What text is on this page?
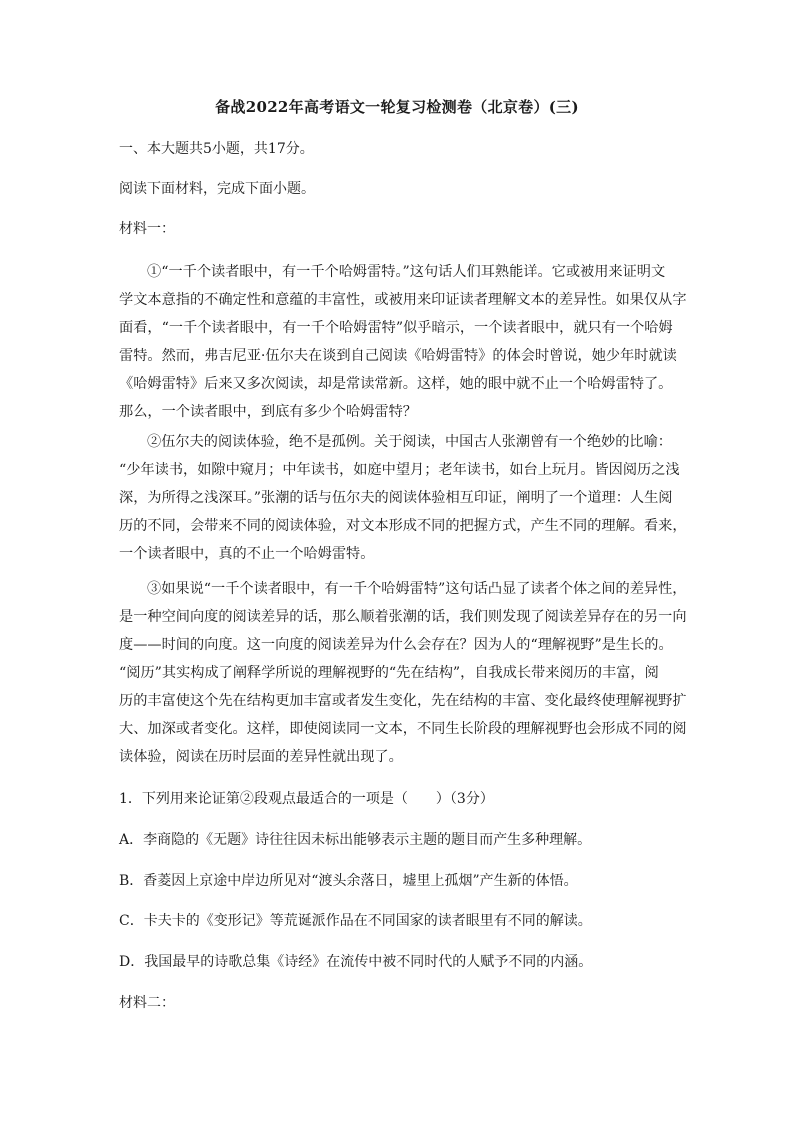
备战2022年高考语文一轮复习检测卷（北京卷）(三)
一、本大题共5小题，共17分。
阅读下面材料，完成下面小题。
材料一：
①“一千个读者眼中，有一千个哈姆雷特。”这句话人们耳熟能详。它或被用来证明文
学文本意指的不确定性和意蕴的丰富性，或被用来印证读者理解文本的差异性。如果仅从字
面看，“一千个读者眼中，有一千个哈姆雷特”似乎暗示，一个读者眼中，就只有一个哈姆
雷特。然而，弗吉尼亚·伍尔夫在谈到自己阅读《哈姆雷特》的体会时曾说，她少年时就读
《哈姆雷特》后来又多次阅读，却是常读常新。这样，她的眼中就不止一个哈姆雷特了。
那么，一个读者眼中，到底有多少个哈姆雷特？
②伍尔夫的阅读体验，绝不是孤例。关于阅读，中国古人张潮曾有一个绝妙的比喻：
“少年读书，如隙中窥月；中年读书，如庭中望月；老年读书，如台上玩月。皆因阅历之浅
深，为所得之浅深耳。”张潮的话与伍尔夫的阅读体验相互印证，阐明了一个道理：人生阅
历的不同，会带来不同的阅读体验，对文本形成不同的把握方式，产生不同的理解。看来，
一个读者眼中，真的不止一个哈姆雷特。
③如果说“一千个读者眼中，有一千个哈姆雷特”这句话凸显了读者个体之间的差异性，
是一种空间向度的阅读差异的话，那么顺着张潮的话，我们则发现了阅读差异存在的另一向
度——时间的向度。这一向度的阅读差异为什么会存在？因为人的“理解视野”是生长的。
“阅历”其实构成了阐释学所说的理解视野的“先在结构”，自我成长带来阅历的丰富，阅
历的丰富使这个先在结构更加丰富或者发生变化，先在结构的丰富、变化最终使理解视野扩
大、加深或者变化。这样，即使阅读同一文本，不同生长阶段的理解视野也会形成不同的阅
读体验，阅读在历时层面的差异性就出现了。
1．下列用来论证第②段观点最适合的一项是（　　）（3分）
A．李商隐的《无题》诗往往因未标出能够表示主题的题目而产生多种理解。
B．香菱因上京途中岸边所见对“渡头余落日，墟里上孤烟”产生新的体悟。
C．卡夫卡的《变形记》等荒诞派作品在不同国家的读者眼里有不同的解读。
D．我国最早的诗歌总集《诗经》在流传中被不同时代的人赋予不同的内涵。
材料二：
